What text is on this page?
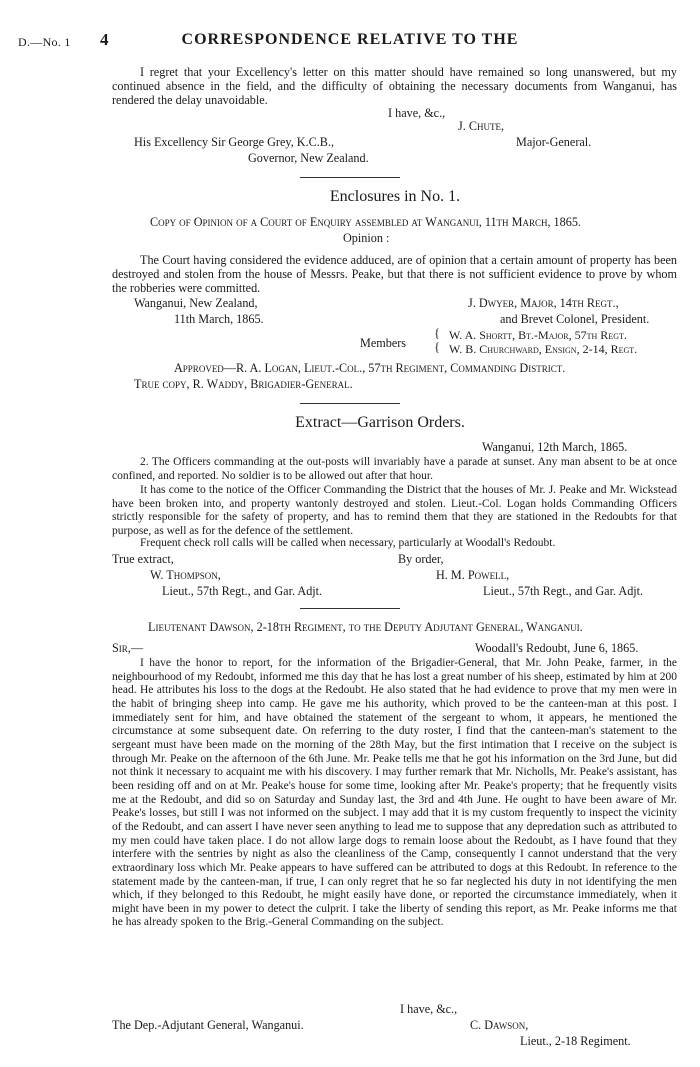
D.—No. 1 4	CORRESPONDENCE RELATIVE TO THE
I regret that your Excellency's letter on this matter should have remained so long unanswered, but my continued absence in the field, and the difficulty of obtaining the necessary documents from Wanganui, has rendered the delay unavoidable.
I have, &c.,
J. Chute,
His Excellency Sir George Grey, K.C.B.,	Major-General.
Governor, New Zealand.
Enclosures in No. 1.
Copy of Opinion of a Court of Enquiry assembled at Wanganui, 11th March, 1865.
Opinion :
The Court having considered the evidence adduced, are of opinion that a certain amount of property has been destroyed and stolen from the house of Messrs. Peake, but that there is not sufficient evidence to prove by whom the robberies were committed.
Wanganui, New Zealand,
11th March, 1865.
J. Dwyer, Major, 14th Regt.,
and Brevet Colonel, President.
Members
{
{
W. A. Shortt, Bt.-Major, 57th Regt.
W. B. Churchward, Ensign, 2-14, Regt.
Approved—R. A. Logan, Lieut.-Col., 57th Regiment, Commanding District.
True copy, R. Waddy, Brigadier-General.
Extract—Garrison Orders.
Wanganui, 12th March, 1865.
2. The Officers commanding at the out-posts will invariably have a parade at sunset. Any man absent to be at once confined, and reported. No soldier is to be allowed out after that hour.
It has come to the notice of the Officer Commanding the District that the houses of Mr. J. Peake and Mr. Wickstead have been broken into, and property wantonly destroyed and stolen. Lieut.-Col. Logan holds Commanding Officers strictly responsible for the safety of property, and has to remind them that they are stationed in the Redoubts for that purpose, as well as for the defence of the settlement.
Frequent check roll calls will be called when necessary, particularly at Woodall's Redoubt.
True extract,	By order,
W. Thompson,	H. M. Powell,
Lieut., 57th Regt., and Gar. Adjt.	Lieut., 57th Regt., and Gar. Adjt.
Lieutenant Dawson, 2-18th Regiment, to the Deputy Adjutant General, Wanganui.
Sir,—	Woodall's Redoubt, June 6, 1865.
I have the honor to report, for the information of the Brigadier-General, that Mr. John Peake, farmer, in the neighbourhood of my Redoubt, informed me this day that he has lost a great number of his sheep, estimated by him at 200 head. He attributes his loss to the dogs at the Redoubt. He also stated that he had evidence to prove that my men were in the habit of bringing sheep into camp. He gave me his authority, which proved to be the canteen-man at this post. I immediately sent for him, and have obtained the statement of the sergeant to whom, it appears, he mentioned the circumstance at some subsequent date. On referring to the duty roster, I find that the canteen-man's statement to the sergeant must have been made on the morning of the 28th May, but the first intimation that I receive on the subject is through Mr. Peake on the afternoon of the 6th June. Mr. Peake tells me that he got his information on the 3rd June, but did not think it necessary to acquaint me with his discovery. I may further remark that Mr. Nicholls, Mr. Peake's assistant, has been residing off and on at Mr. Peake's house for some time, looking after Mr. Peake's property; that he frequently visits me at the Redoubt, and did so on Saturday and Sunday last, the 3rd and 4th June. He ought to have been aware of Mr. Peake's losses, but still I was not informed on the subject. I may add that it is my custom frequently to inspect the vicinity of the Redoubt, and can assert I have never seen anything to lead me to suppose that any depredation such as attributed to my men could have taken place. I do not allow large dogs to remain loose about the Redoubt, as I have found that they interfere with the sentries by night as also the cleanliness of the Camp, consequently I cannot understand that the very extraordinary loss which Mr. Peake appears to have suffered can be attributed to dogs at this Redoubt. In reference to the statement made by the canteen-man, if true, I can only regret that he so far neglected his duty in not identifying the men which, if they belonged to this Redoubt, he might easily have done, or reported the circumstance immediately, when it might have been in my power to detect the culprit. I take the liberty of sending this report, as Mr. Peake informs me that he has already spoken to the Brig.-General Commanding on the subject.
I have, &c.,
The Dep.-Adjutant General, Wanganui.	C. Dawson,
Lieut., 2-18 Regiment.
